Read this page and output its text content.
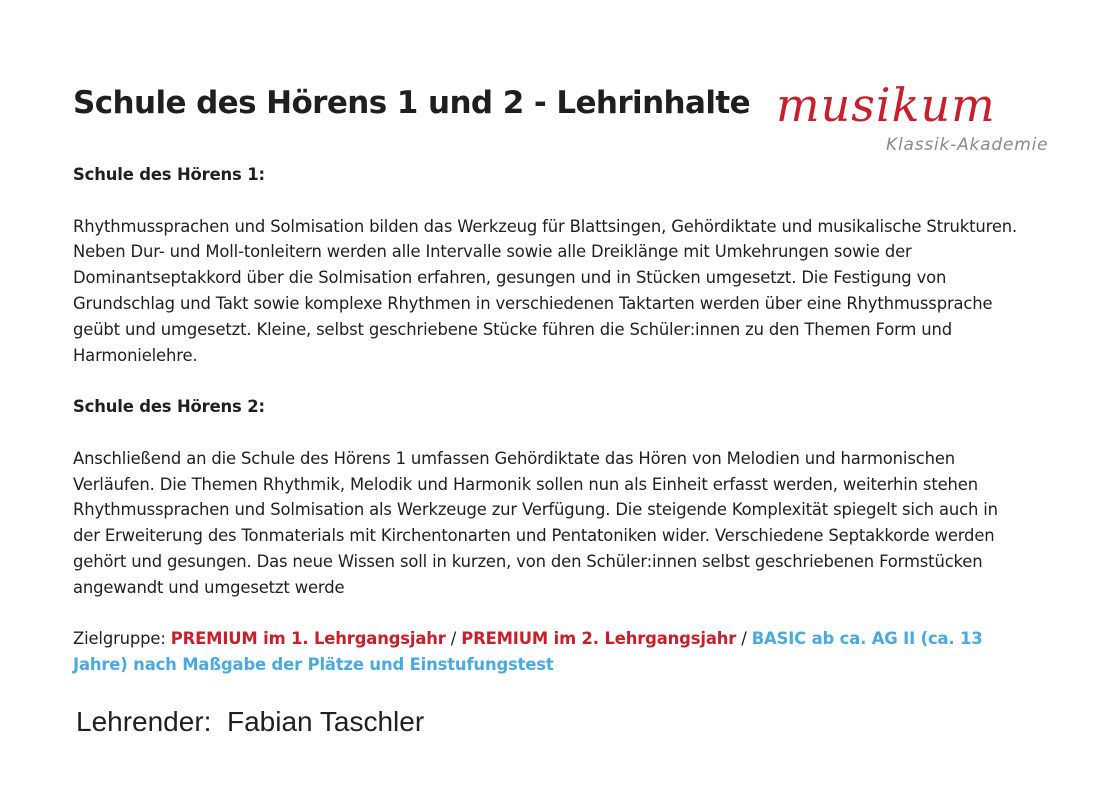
Schule des Hörens 1 und 2 - Lehrinhalte musikum
Klassik-Akademie

Schule des Hörens 1:

Rhythmussprachen und Solmisation bilden das Werkzeug für Blattsingen, Gehördiktate und musikalische Strukturen. Neben Dur- und Moll-tonleitern werden alle Intervalle sowie alle Dreiklänge mit Umkehrungen sowie der Dominantseptakkord über die Solmisation erfahren, gesungen und in Stücken umgesetzt. Die Festigung von Grundschlag und Takt sowie komplexe Rhythmen in verschiedenen Taktarten werden über eine Rhythmussprache geübt und umgesetzt. Kleine, selbst geschriebene Stücke führen die Schüler:innen zu den Themen Form und Harmonielehre.

Schule des Hörens 2:

Anschließend an die Schule des Hörens 1 umfassen Gehördiktate das Hören von Melodien und harmonischen Verläufen. Die Themen Rhythmik, Melodik und Harmonik sollen nun als Einheit erfasst werden, weiterhin stehen Rhythmussprachen und Solmisation als Werkzeuge zur Verfügung. Die steigende Komplexität spiegelt sich auch in der Erweiterung des Tonmaterials mit Kirchentonarten und Pentatoniken wider. Verschiedene Septakkorde werden gehört und gesungen. Das neue Wissen soll in kurzen, von den Schüler:innen selbst geschriebenen Formstücken angewandt und umgesetzt werde

Zielgruppe: PREMIUM im 1. Lehrgangsjahr / PREMIUM im 2. Lehrgangsjahr / BASIC ab ca. AG II (ca. 13 Jahre) nach Maßgabe der Plätze und Einstufungstest

Lehrender:  Fabian Taschler
